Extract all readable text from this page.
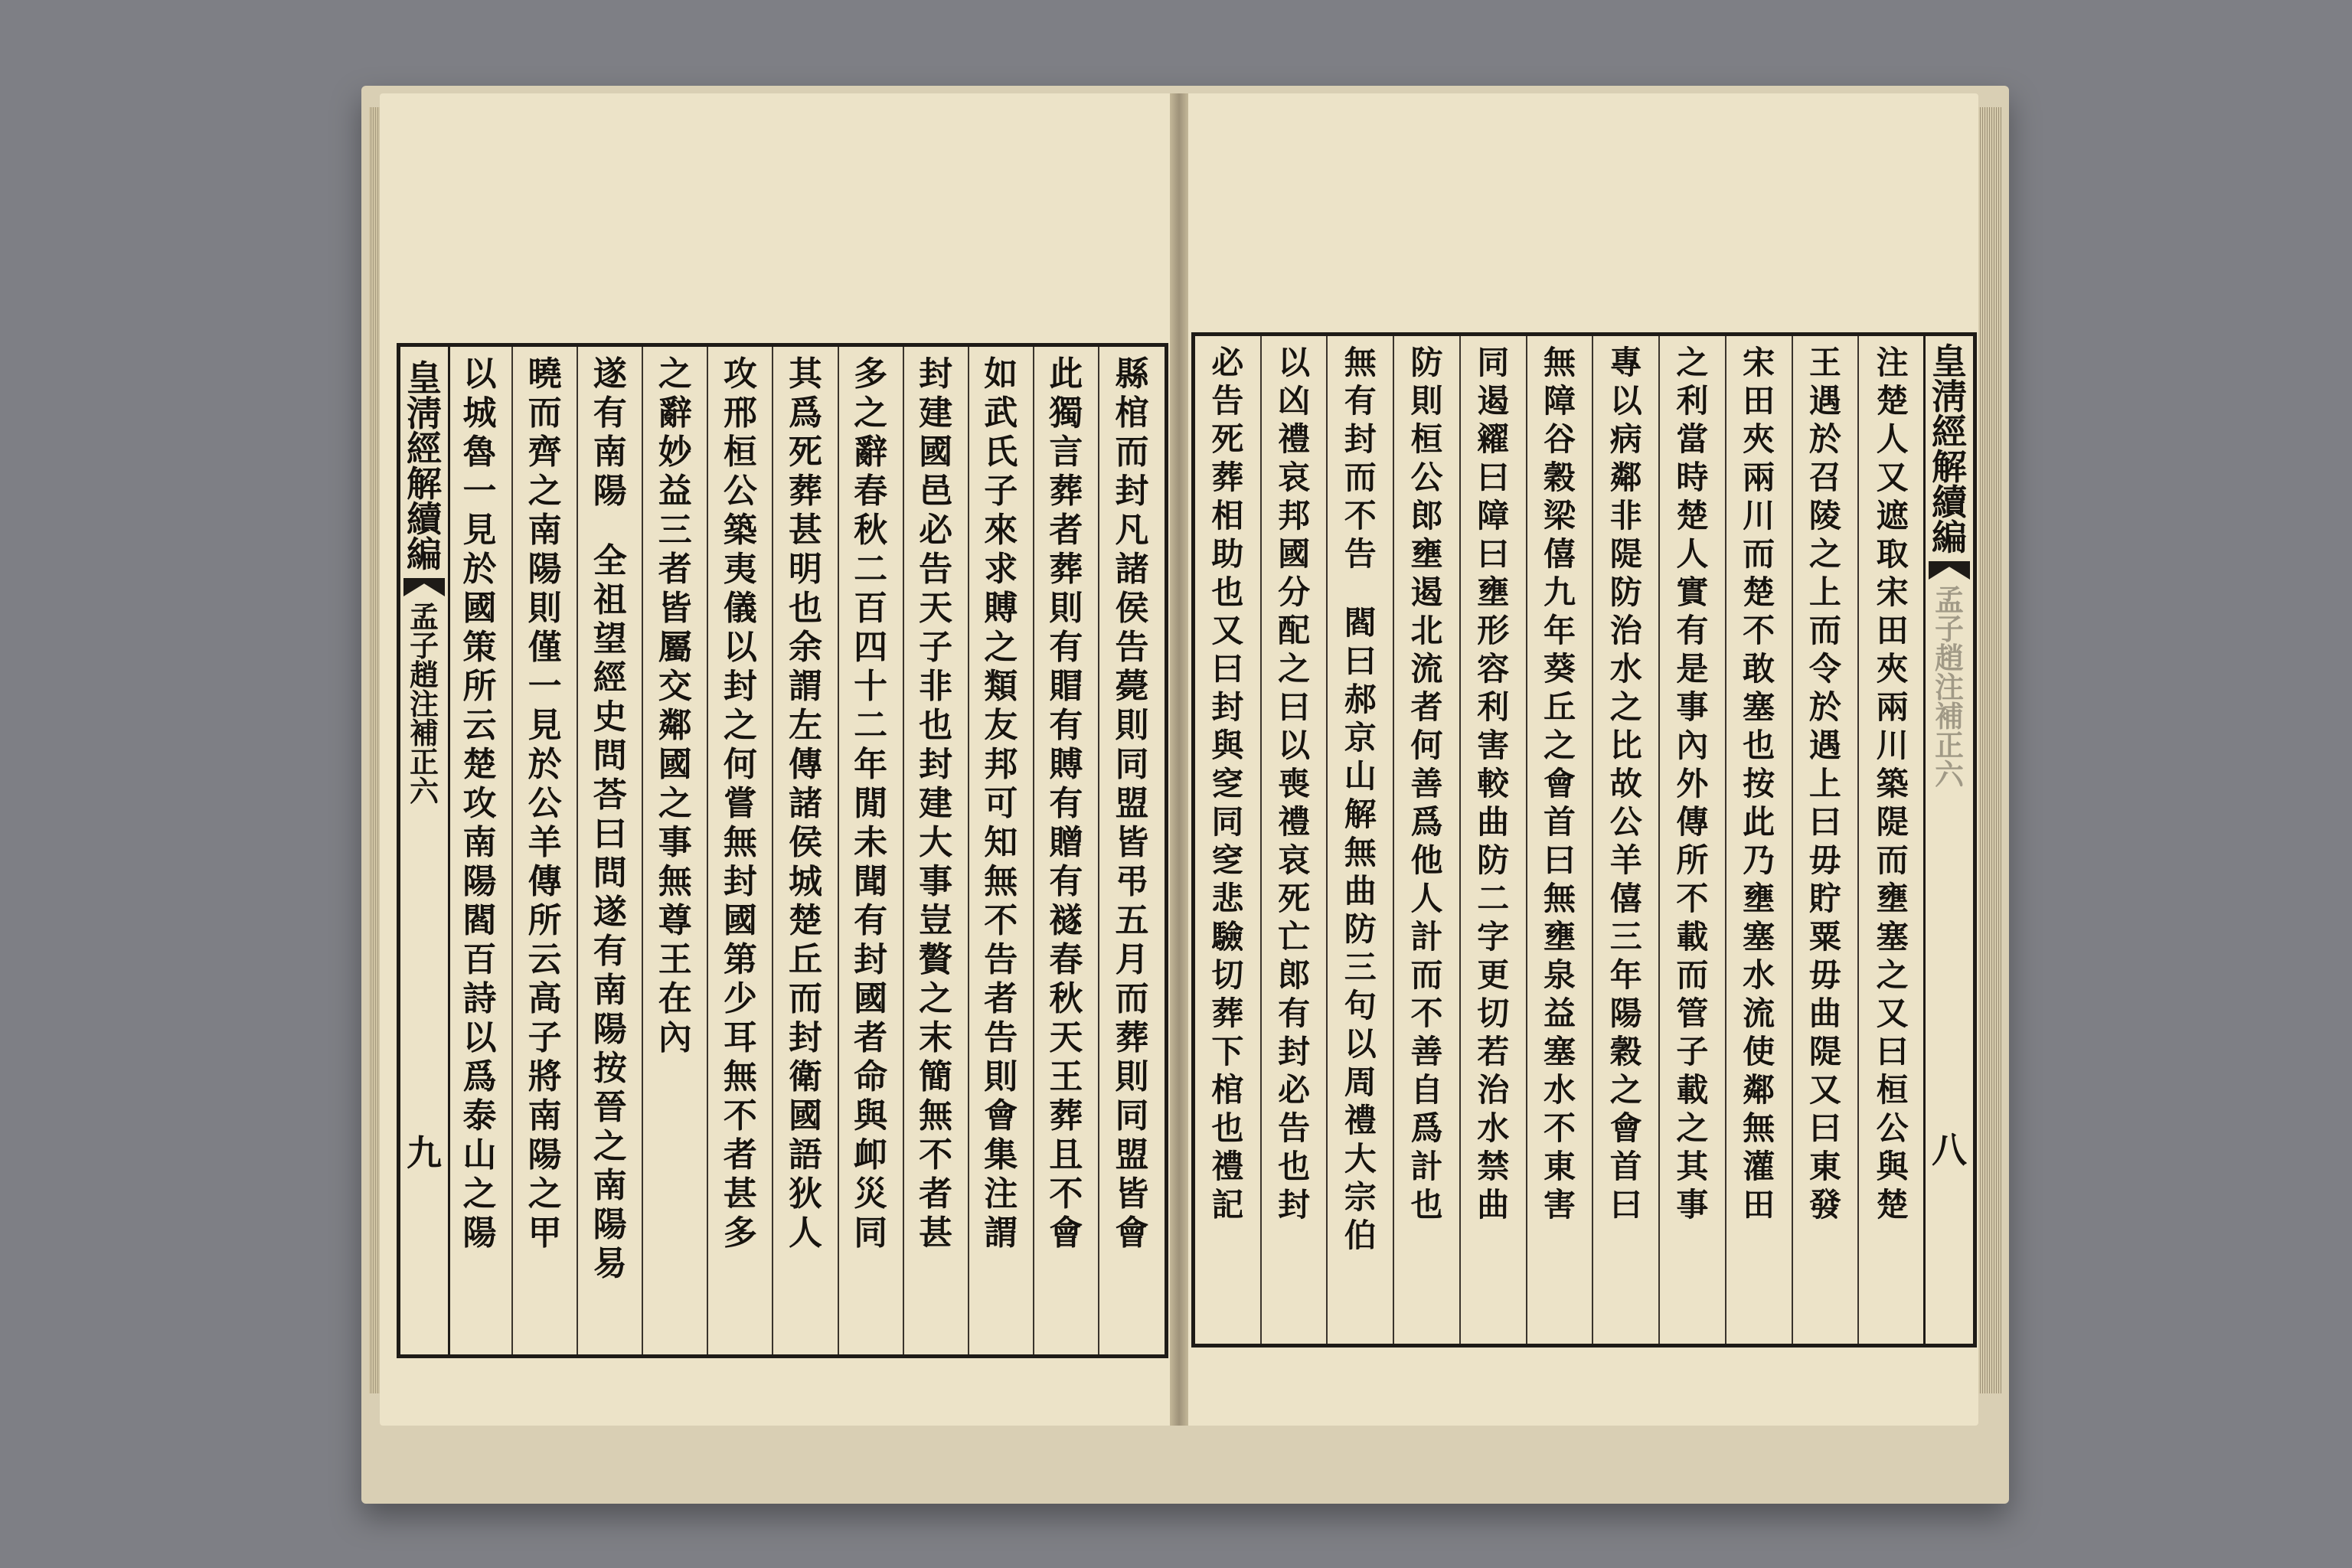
皇
淸
經
解
續
編
孟
子
趙
注
補
正
六
九
縣
棺
而
封
凡
諸
侯
告
薨
則
同
盟
皆
弔
五
月
而
葬
則
同
盟
皆
會
此
獨
言
葬
者
葬
則
有
賵
有
賻
有
贈
有
襚
春
秋
天
王
葬
且
不
會
如
武
氏
子
來
求
賻
之
類
友
邦
可
知
無
不
告
者
告
則
會
集
注
謂
封
建
國
邑
必
告
天
子
非
也
封
建
大
事
豈
贅
之
末
簡
無
不
者
甚
多
之
辭
春
秋
二
百
四
十
二
年
閒
未
聞
有
封
國
者
命
與
卹
災
同
其
爲
死
葬
甚
明
也
余
謂
左
傳
諸
侯
城
楚
丘
而
封
衛
國
語
狄
人
攻
邢
桓
公
築
夷
儀
以
封
之
何
嘗
無
封
國
第
少
耳
無
不
者
甚
多
之
辭
妙
益
三
者
皆
屬
交
鄰
國
之
事
無
尊
王
在
內
遂
有
南
陽

全
祖
望
經
史
問
荅
曰
問
遂
有
南
陽
按
晉
之
南
陽
易
曉
而
齊
之
南
陽
則
僅
一
見
於
公
羊
傳
所
云
高
子
將
南
陽
之
甲
以
城
魯
一
見
於
國
策
所
云
楚
攻
南
陽
閻
百
詩
以
爲
泰
山
之
陽
注
楚
人
又
遮
取
宋
田
夾
兩
川
築
隄
而
壅
塞
之
又
曰
桓
公
與
楚
王
遇
於
召
陵
之
上
而
令
於
遇
上
曰
毋
貯
粟
毋
曲
隄
又
曰
東
發
宋
田
夾
兩
川
而
楚
不
敢
塞
也
按
此
乃
壅
塞
水
流
使
鄰
無
灌
田
之
利
當
時
楚
人
實
有
是
事
內
外
傳
所
不
載
而
管
子
載
之
其
事
專
以
病
鄰
非
隄
防
治
水
之
比
故
公
羊
僖
三
年
陽
穀
之
會
首
曰
無
障
谷
穀
梁
僖
九
年
葵
丘
之
會
首
曰
無
壅
泉
益
塞
水
不
東
害
同
遏
糴
曰
障
曰
壅
形
容
利
害
較
曲
防
二
字
更
切
若
治
水
禁
曲
防
則
桓
公
郎
壅
遏
北
流
者
何
善
爲
他
人
計
而
不
善
自
爲
計
也
無
有
封
而
不
告

閻
曰
郝
京
山
解
無
曲
防
三
句
以
周
禮
大
宗
伯
以
凶
禮
哀
邦
國
分
配
之
曰
以
喪
禮
哀
死
亡
郎
有
封
必
告
也
封
必
告
死
葬
相
助
也
又
曰
封
與
窆
同
窆
悲
驗
切
葬
下
棺
也
禮
記
皇
淸
經
解
續
編
孟
子
趙
注
補
正
六
八
